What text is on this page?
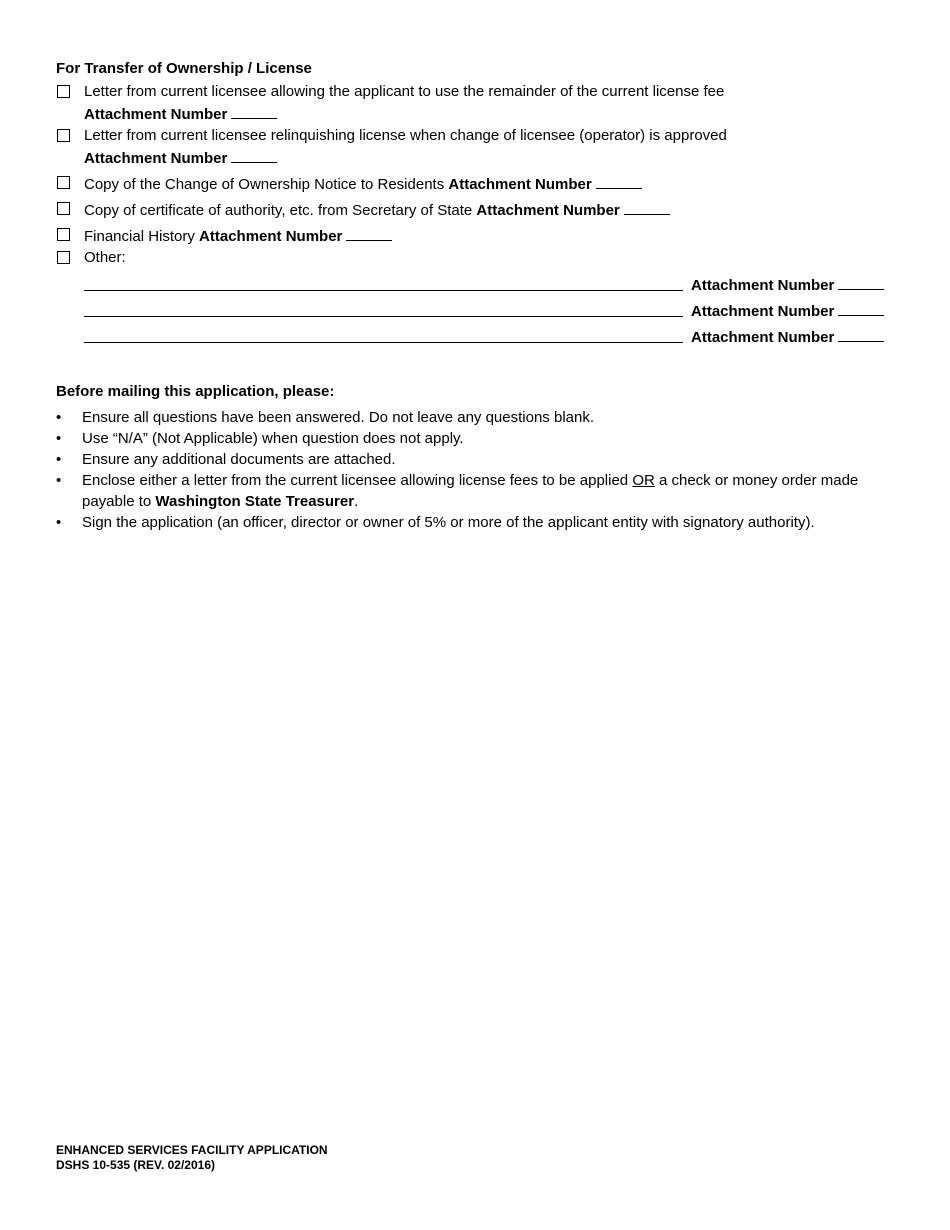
For Transfer of Ownership / License
Letter from current licensee allowing the applicant to use the remainder of the current license fee
Attachment Number
Letter from current licensee relinquishing license when change of licensee (operator) is approved
Attachment Number
Copy of the Change of Ownership Notice to Residents Attachment Number
Copy of certificate of authority, etc. from Secretary of State Attachment Number
Financial History Attachment Number
Other:
Attachment Number
Attachment Number
Attachment Number
Before mailing this application, please:
• Ensure all questions have been answered. Do not leave any questions blank.
• Use “N/A” (Not Applicable) when question does not apply.
• Ensure any additional documents are attached.
• Enclose either a letter from the current licensee allowing license fees to be applied OR a check or money order made payable to Washington State Treasurer.
• Sign the application (an officer, director or owner of 5% or more of the applicant entity with signatory authority).
ENHANCED SERVICES FACILITY APPLICATION
DSHS 10-535 (REV. 02/2016)
